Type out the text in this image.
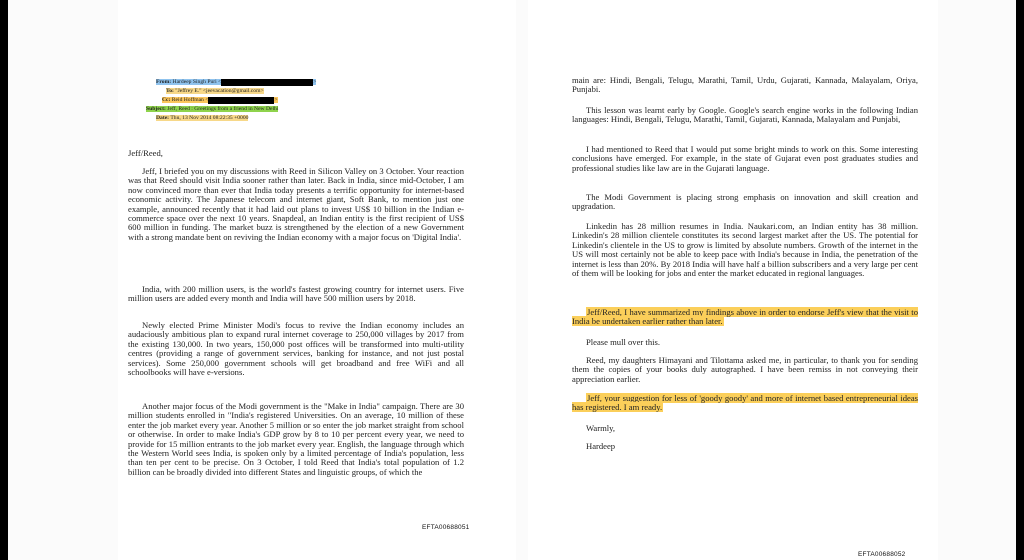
From: Hardeep Singh Puri <	>
To: "Jeffrey E." <jeevacation@gmail.com>
Cc: Reid Hoffman <	>
Subject: Jeff, Reed : Greetings from a friend in New Delhi
Date: Thu, 13 Nov 2014 08:22:35 +0000

Jeff/Reed,

Jeff, I briefed you on my discussions with Reed in Silicon Valley on 3 October. Your reaction was that Reed should visit India sooner rather than later. Back in India, since mid-October, I am now convinced more than ever that India today presents a terrific opportunity for internet-based economic activity. The Japanese telecom and internet giant, Soft Bank, to mention just one example, announced recently that it had laid out plans to invest US$ 10 billion in the Indian e-commerce space over the next 10 years. Snapdeal, an Indian entity is the first recipient of US$ 600 million in funding. The market buzz is strengthened by the election of a new Government with a strong mandate bent on reviving the Indian economy with a major focus on 'Digital India'.

India, with 200 million users, is the world's fastest growing country for internet users. Five million users are added every month and India will have 500 million users by 2018.

Newly elected Prime Minister Modi's focus to revive the Indian economy includes an audaciously ambitious plan to expand rural internet coverage to 250,000 villages by 2017 from the existing 130,000. In two years, 150,000 post offices will be transformed into multi-utility centres (providing a range of government services, banking for instance, and not just postal services). Some 250,000 government schools will get broadband and free WiFi and all schoolbooks will have e-versions.

Another major focus of the Modi government is the "Make in India" campaign. There are 30 million students enrolled in "India's registered Universities. On an average, 10 million of these enter the job market every year. Another 5 million or so enter the job market straight from school or otherwise. In order to make India's GDP grow by 8 to 10 per percent every year, we need to provide for 15 million entrants to the job market every year. English, the language through which the Western World sees India, is spoken only by a limited percentage of India's population, less than ten per cent to be precise. On 3 October, I told Reed that India's total population of 1.2 billion can be broadly divided into different States and linguistic groups, of which the

EFTA00688051

main are: Hindi, Bengali, Telugu, Marathi, Tamil, Urdu, Gujarati, Kannada, Malayalam, Oriya, Punjabi.

This lesson was learnt early by Google. Google's search engine works in the following Indian languages: Hindi, Bengali, Telugu, Marathi, Tamil, Gujarati, Kannada, Malayalam and Punjabi,

I had mentioned to Reed that I would put some bright minds to work on this. Some interesting conclusions have emerged. For example, in the state of Gujarat even post graduates studies and professional studies like law are in the Gujarati language.

The Modi Government is placing strong emphasis on innovation and skill creation and upgradation.

Linkedin has 28 million resumes in India. Naukari.com, an Indian entity has 38 million. Linkedin's 28 million clientele constitutes its second largest market after the US. The potential for Linkedin's clientele in the US to grow is limited by absolute numbers. Growth of the internet in the US will most certainly not be able to keep pace with India's because in India, the penetration of the internet is less than 20%. By 2018 India will have half a billion subscribers and a very large per cent of them will be looking for jobs and enter the market educated in regional languages.

Jeff/Reed, I have summarized my findings above in order to endorse Jeff's view that the visit to India be undertaken earlier rather than later.

Please mull over this.

Reed, my daughters Himayani and Tilottama asked me, in particular, to thank you for sending them the copies of your books duly autographed. I have been remiss in not conveying their appreciation earlier.

Jeff, your suggestion for less of 'goody goody' and more of internet based entrepreneurial ideas has registered. I am ready.

Warmly,

Hardeep

EFTA00688052
